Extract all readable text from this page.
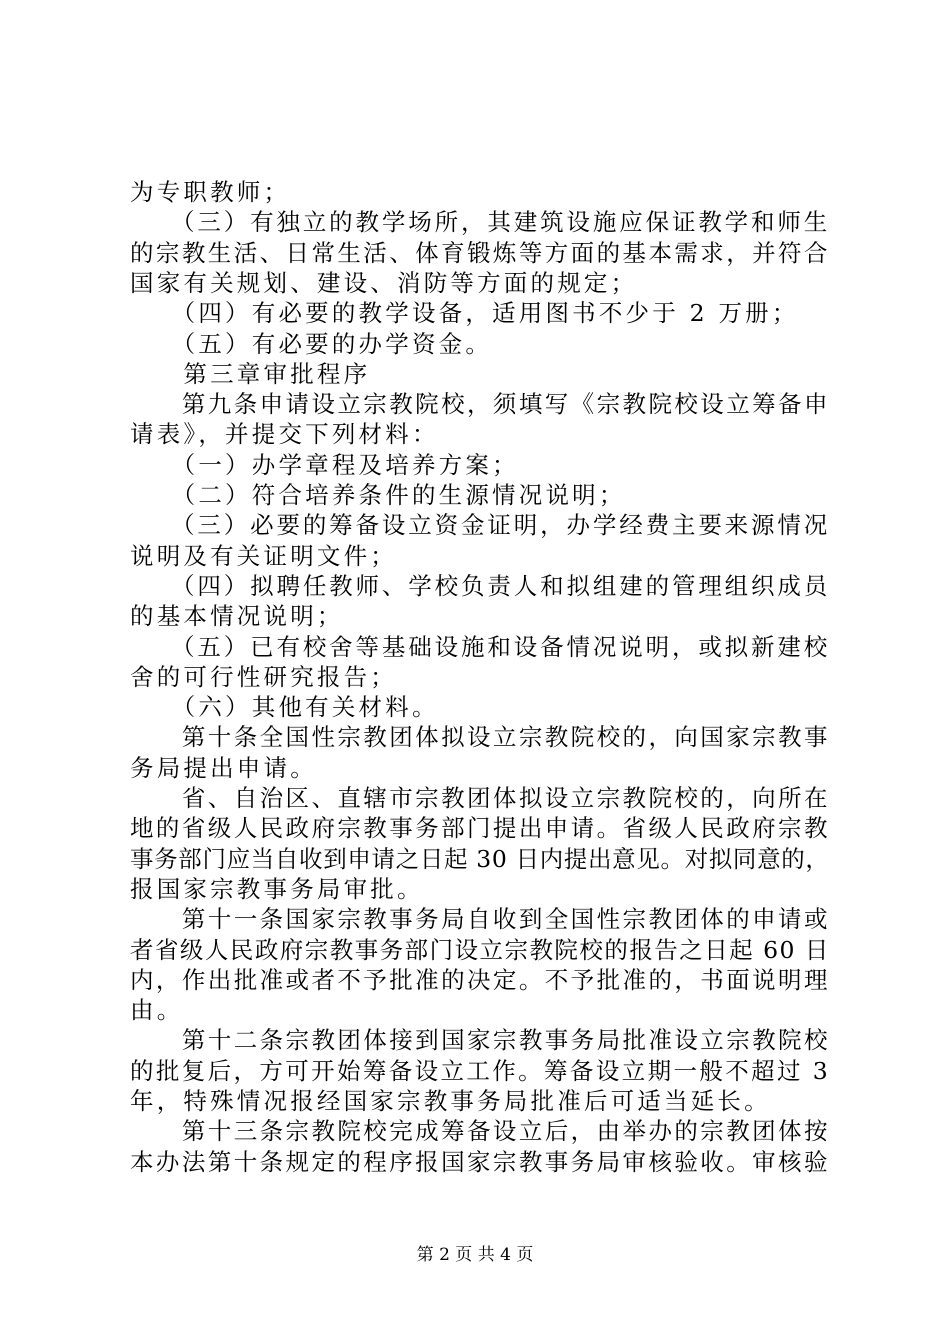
为专职教师；
　　（三）有独立的教学场所，其建筑设施应保证教学和师生
的宗教生活、日常生活、体育锻炼等方面的基本需求，并符合
国家有关规划、建设、消防等方面的规定；
　　（四）有必要的教学设备，适用图书不少于 2 万册；
　　（五）有必要的办学资金。
　　第三章审批程序
　　第九条申请设立宗教院校，须填写《宗教院校设立筹备申
请表》，并提交下列材料：
　　（一）办学章程及培养方案；
　　（二）符合培养条件的生源情况说明；
　　（三）必要的筹备设立资金证明，办学经费主要来源情况
说明及有关证明文件；
　　（四）拟聘任教师、学校负责人和拟组建的管理组织成员
的基本情况说明；
　　（五）已有校舍等基础设施和设备情况说明，或拟新建校
舍的可行性研究报告；
　　（六）其他有关材料。
　　第十条全国性宗教团体拟设立宗教院校的，向国家宗教事
务局提出申请。
　　省、自治区、直辖市宗教团体拟设立宗教院校的，向所在
地的省级人民政府宗教事务部门提出申请。省级人民政府宗教
事务部门应当自收到申请之日起 30 日内提出意见。对拟同意的，
报国家宗教事务局审批。
　　第十一条国家宗教事务局自收到全国性宗教团体的申请或
者省级人民政府宗教事务部门设立宗教院校的报告之日起 60 日
内，作出批准或者不予批准的决定。不予批准的，书面说明理
由。
　　第十二条宗教团体接到国家宗教事务局批准设立宗教院校
的批复后，方可开始筹备设立工作。筹备设立期一般不超过 3
年，特殊情况报经国家宗教事务局批准后可适当延长。
　　第十三条宗教院校完成筹备设立后，由举办的宗教团体按
本办法第十条规定的程序报国家宗教事务局审核验收。审核验
第 2 页 共 4 页
